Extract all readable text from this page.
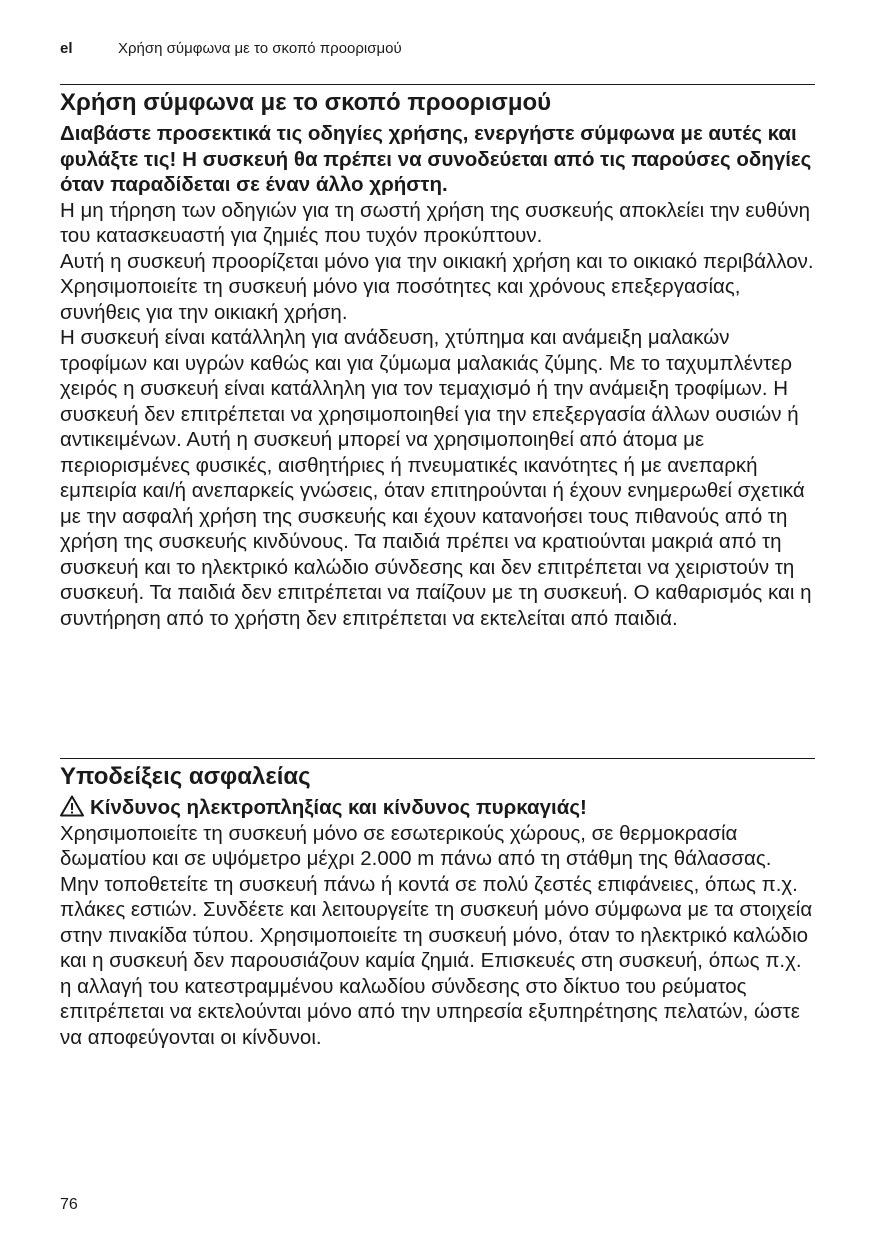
el	Χρήση σύμφωνα με το σκοπό προορισμού
Χρήση σύμφωνα με το σκοπό προορισμού

Διαβάστε προσεκτικά τις οδηγίες χρήσης, ενεργήστε σύμφωνα με αυτές και φυλάξτε τις! Η συσκευή θα πρέπει να συνοδεύεται από τις παρούσες οδηγίες όταν παραδίδεται σε έναν άλλο χρήστη.

Η μη τήρηση των οδηγιών για τη σωστή χρήση της συσκευής αποκλείει την ευθύνη του κατασκευαστή για ζημιές που τυχόν προκύπτουν.

Αυτή η συσκευή προορίζεται μόνο για την οικιακή χρήση και το οικιακό περιβάλλον.

Χρησιμοποιείτε τη συσκευή μόνο για ποσότητες και χρόνους επεξεργασίας, συνήθεις για την οικιακή χρήση.

Η συσκευή είναι κατάλληλη για ανάδευση, χτύπημα και ανάμειξη μαλακών τροφίμων και υγρών καθώς και για ζύμωμα μαλακιάς ζύμης. Με το ταχυμπλέντερ χειρός η συσκευή είναι κατάλληλη για τον τεμαχισμό ή την ανάμειξη τροφίμων. Η συσκευή δεν επιτρέπεται να χρησιμοποιηθεί για την επεξεργασία άλλων ουσιών ή αντικειμένων. Αυτή η συσκευή μπορεί να χρησιμοποιηθεί από άτομα με περιορισμένες φυσικές, αισθητήριες ή πνευματικές ικανότητες ή με ανεπαρκή εμπειρία και/ή ανεπαρκείς γνώσεις, όταν επιτηρούνται ή έχουν ενημερωθεί σχετικά με την ασφαλή χρήση της συσκευής και έχουν κατανοήσει τους πιθανούς από τη χρήση της συσκευής κινδύνους. Τα παιδιά πρέπει να κρατιούνται μακριά από τη συσκευή και το ηλεκτρικό καλώδιο σύνδεσης και δεν επιτρέπεται να χειριστούν τη συσκευή. Τα παιδιά δεν επιτρέπεται να παίζουν με τη συσκευή. Ο καθαρισμός και η συντήρηση από το χρήστη δεν επιτρέπεται να εκτελείται από παιδιά.

Υποδείξεις ασφαλείας

Κίνδυνος ηλεκτροπληξίας και κίνδυνος πυρκαγιάς!

Χρησιμοποιείτε τη συσκευή μόνο σε εσωτερικούς χώρους, σε θερμοκρασία δωματίου και σε υψόμετρο μέχρι 2.000 m πάνω από τη στάθμη της θάλασσας. Μην τοποθετείτε τη συσκευή πάνω ή κοντά σε πολύ ζεστές επιφάνειες, όπως π.χ. πλάκες εστιών. Συνδέετε και λειτουργείτε τη συσκευή μόνο σύμφωνα με τα στοιχεία στην πινακίδα τύπου. Χρησιμοποιείτε τη συσκευή μόνο, όταν το ηλεκτρικό καλώδιο και η συσκευή δεν παρουσιάζουν καμία ζημιά. Επισκευές στη συσκευή, όπως π.χ. η αλλαγή του κατεστραμμένου καλωδίου σύνδεσης στο δίκτυο του ρεύματος επιτρέπεται να εκτελούνται μόνο από την υπηρεσία εξυπηρέτησης πελατών, ώστε να αποφεύγονται οι κίνδυνοι.

76
